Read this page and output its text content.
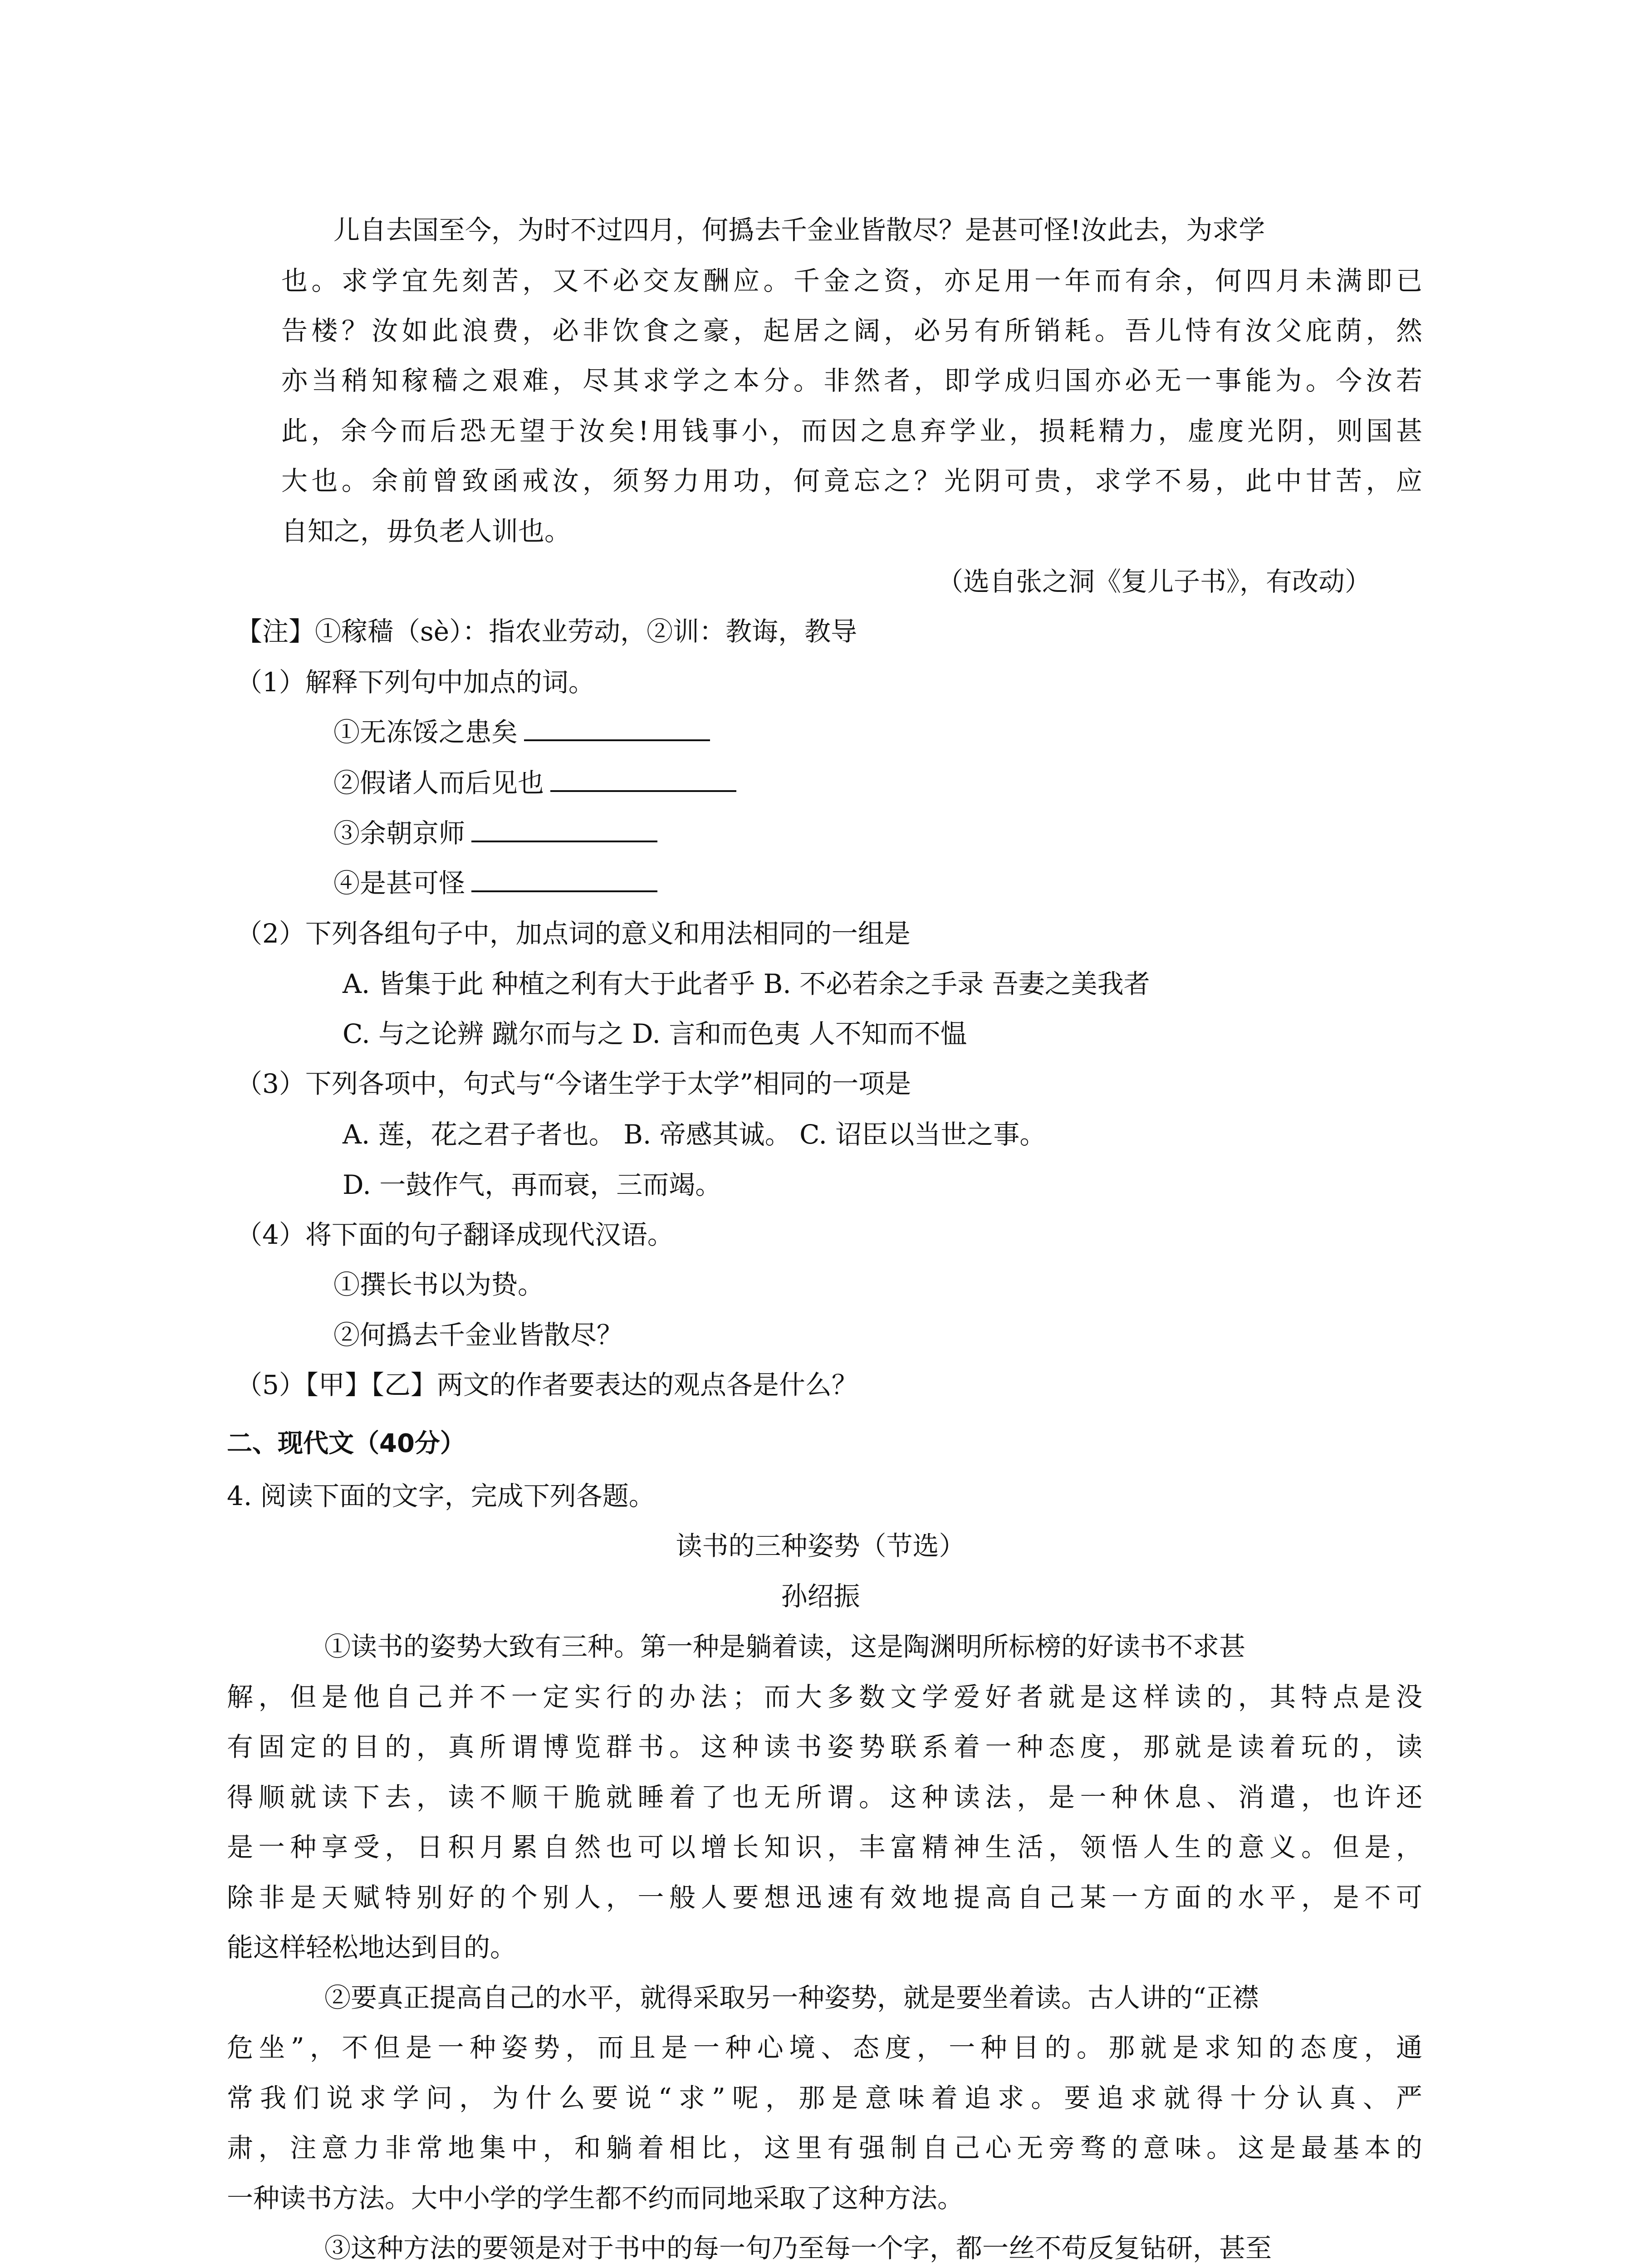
儿自去国至今，为时不过四月，何撝去千金业皆散尽？是甚可怪!汝此去，为求学
也。求学宜先刻苦，又不必交友酬应。千金之资，亦足用一年而有余，何四月未满即已
告楼？汝如此浪费，必非饮食之豪，起居之阔，必另有所销耗。吾儿恃有汝父庇荫，然
亦当稍知稼穑之艰难，尽其求学之本分。非然者，即学成归国亦必无一事能为。今汝若
此，余今而后恐无望于汝矣!用钱事小，而因之息弃学业，损耗精力，虚度光阴，则国甚
大也。余前曾致函戒汝，须努力用功，何竟忘之？光阴可贵，求学不易，此中甘苦，应
自知之，毋负老人训也。
（选自张之洞《复儿子书》，有改动）
【注】①稼穑（sè）：指农业劳动，②训：教诲，教导
（1）解释下列句中加点的词。
①无冻馁之患矣
②假诸人而后见也
③余朝京师
④是甚可怪
（2）下列各组句子中，加点词的意义和用法相同的一组是
A. 皆集于此 种植之利有大于此者乎 B. 不必若余之手录 吾妻之美我者
C. 与之论辨 蹴尔而与之 D. 言和而色夷 人不知而不愠
（3）下列各项中，句式与“今诸生学于太学”相同的一项是
A. 莲，花之君子者也。 B. 帝感其诚。 C. 诏臣以当世之事。
D. 一鼓作气，再而衰，三而竭。
（4）将下面的句子翻译成现代汉语。
①撰长书以为贽。
②何撝去千金业皆散尽？
（5）【甲】【乙】两文的作者要表达的观点各是什么？
二、现代文（40分）
4. 阅读下面的文字，完成下列各题。
读书的三种姿势（节选）
孙绍振
①读书的姿势大致有三种。第一种是躺着读，这是陶渊明所标榜的好读书不求甚
解，但是他自己并不一定实行的办法；而大多数文学爱好者就是这样读的，其特点是没
有固定的目的，真所谓博览群书。这种读书姿势联系着一种态度，那就是读着玩的，读
得顺就读下去，读不顺干脆就睡着了也无所谓。这种读法，是一种休息、消遣，也许还
是一种享受，日积月累自然也可以增长知识，丰富精神生活，领悟人生的意义。但是，
除非是天赋特别好的个别人，一般人要想迅速有效地提高自己某一方面的水平，是不可
能这样轻松地达到目的。
②要真正提高自己的水平，就得采取另一种姿势，就是要坐着读。古人讲的“正襟
危坐”，不但是一种姿势，而且是一种心境、态度，一种目的。那就是求知的态度，通
常我们说求学问，为什么要说“求”呢，那是意味着追求。要追求就得十分认真、严
肃，注意力非常地集中，和躺着相比，这里有强制自己心无旁骛的意味。这是最基本的
一种读书方法。大中小学的学生都不约而同地采取了这种方法。
③这种方法的要领是对于书中的每一句乃至每一个字，都一丝不苟反复钻研，甚至
